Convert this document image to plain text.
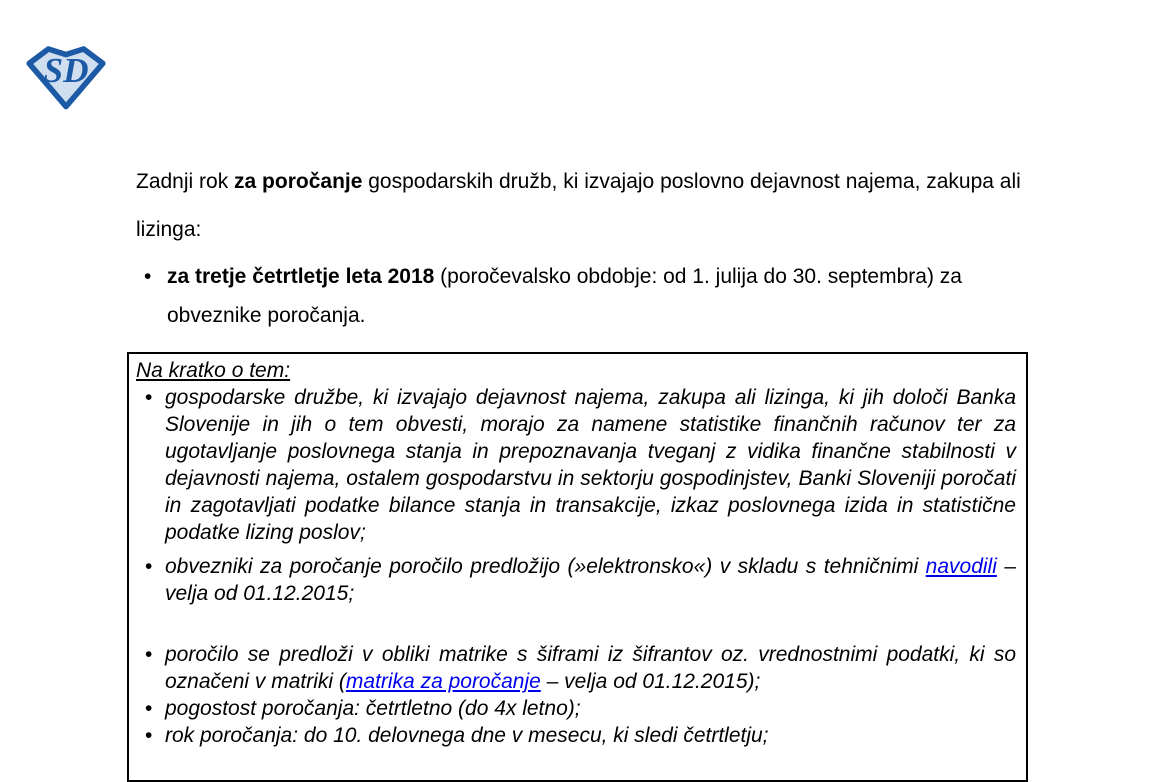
SD

Zadnji rok za poročanje gospodarskih družb, ki izvajajo poslovno dejavnost najema, zakupa ali lizinga:

• za tretje četrtletje leta 2018 (poročevalsko obdobje: od 1. julija do 30. septembra) za obveznike poročanja.
Na kratko o tem:
• gospodarske družbe, ki izvajajo dejavnost najema, zakupa ali lizinga, ki jih določi Banka Slovenije in jih o tem obvesti, morajo za namene statistike finančnih računov ter za ugotavljanje poslovnega stanja in prepoznavanja tveganj z vidika finančne stabilnosti v dejavnosti najema, ostalem gospodarstvu in sektorju gospodinjstev, Banki Sloveniji poročati in zagotavljati podatke bilance stanja in transakcije, izkaz poslovnega izida in statistične podatke lizing poslov;
• obvezniki za poročanje poročilo predložijo (»elektronsko«) v skladu s tehničnimi navodili – velja od 01.12.2015;
• poročilo se predloži v obliki matrike s šiframi iz šifrantov oz. vrednostnimi podatki, ki so označeni v matriki (matrika za poročanje – velja od 01.12.2015);
• pogostost poročanja: četrtletno (do 4x letno);
• rok poročanja: do 10. delovnega dne v mesecu, ki sledi četrtletju;
